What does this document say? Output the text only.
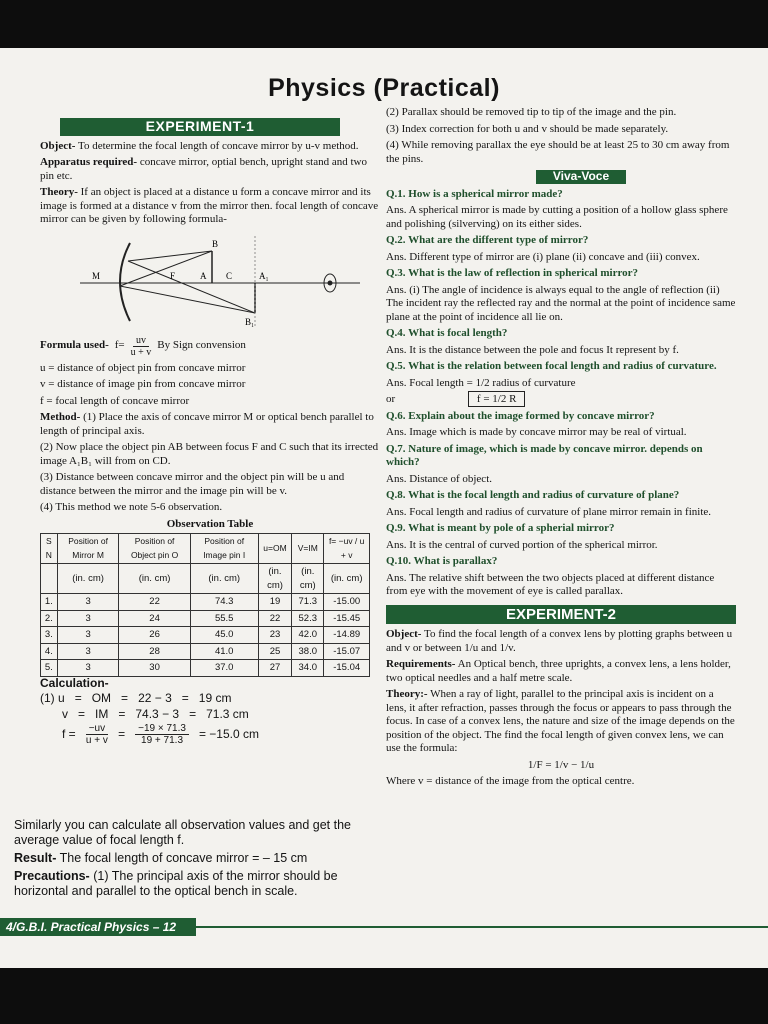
Physics (Practical)
EXPERIMENT-1

Object- To determine the focal length of concave mirror by u-v method.

Apparatus required- concave mirror, optial bench, upright stand and two pin etc.

Theory- If an object is placed at a distance u form a concave mirror and its image is formed at a distance v from the mirror then. focal length of concave mirror can be given by following formula-

B
M	F	A C	A₁
B₁
Formula used- $f= \frac{uv}{u + v}$ By Sign convension

u = distance of object pin from concave mirror

v = distance of image pin from concave mirror

f = focal length of concave mirror

Method- (1) Place the axis of concave mirror M or optical bench parallel to length of principal axis.

(2) Now place the object pin AB between focus F and C such that its irrected image A₁B₁ will from on CD.

(3) Distance between concave mirror and the object pin will be u and distance between the mirror and the image pin will be v.

(4) This method we note 5-6 observation.

Observation Table
S N	Position of Mirror M	Position of Object pin O	Position of Image pin I	u=OM	V=IM	f= −uv / u + v
	(in. cm)	(in. cm)	(in. cm)	(in. cm)	(in. cm)	(in. cm)
1.	3	22	74.3	19	71.3	-15.00
2.	3	24	55.5	22	52.3	-15.45
3.	3	26	45.0	23	42.0	-14.89
4.	3	28	41.0	25	38.0	-15.07
5.	3	30	37.0	27	34.0	-15.04
Calculation-
(1) u = OM = 22 − 3 = 19 cm
v = IM = 74.3 − 3 = 71.3 cm
$f = \frac{-uv}{u + v} = \frac{-19 \times 71.3}{19 + 71.3} = -15.0$ cm

Similarly you can calculate all observation values and get the average value of focal length f.

Result- The focal length of concave mirror = – 15 cm

Precautions- (1) The principal axis of the mirror should be horizontal and parallel to the optical bench in scale.

(2) Parallax should be removed tip to tip of the image and the pin.

(3) Index correction for both u and v should be made separately.

(4) While removing parallax the eye should be at least 25 to 30 cm away from the pins.

Viva-Voce

Q.1. How is a spherical mirror made?

Ans. A spherical mirror is made by cutting a position of a hollow glass sphere and polishing (silverving) on its either sides.

Q.2. What are the different type of mirror?

Ans. Different type of mirror are (i) plane (ii) concave and (iii) convex.

Q.3. What is the law of reflection in spherical mirror?

Ans. (i) The angle of incidence is always equal to the angle of reflection (ii) The incident ray the reflected ray and the normal at the point of incidence same plane at the point of incidence all lie on.

Q.4. What is focal length?

Ans. It is the distance between the pole and focus It represent by f.

Q.5. What is the relation between focal length and radius of curvature.

Ans. Focal length = 1/2 radius of curvature

or	f = 1/2 R

Q.6. Explain about the image formed by concave mirror?

Ans. Image which is made by concave mirror may be real of virtual.

Q.7. Nature of image, which is made by concave mirror. depends on which?

Ans. Distance of object.

Q.8. What is the focal length and radius of curvature of plane?

Ans. Focal length and radius of curvature of plane mirror remain in finite.

Q.9. What is meant by pole of a spherial mirror?

Ans. It is the central of curved portion of the spherical mirror.

Q.10. What is parallax?

Ans. The relative shift between the two objects placed at different distance from eye with the movement of eye is called parallax.

EXPERIMENT-2

Object- To find the focal length of a convex lens by plotting graphs between u and v or between 1/u and 1/v.

Requirements- An Optical bench, three uprights, a convex lens, a lens holder, two optical needles and a half metre scale.

Theory:- When a ray of light, parallel to the principal axis is incident on a lens, it after refraction, passes through the focus or appears to pass through the focus. In case of a convex lens, the nature and size of the image depends on the position of the object. The find the focal length of given convex lens, we can use the formula:

1/F = 1/v − 1/u

Where v = distance of the image from the optical centre.

4/G.B.I. Practical Physics – 12
